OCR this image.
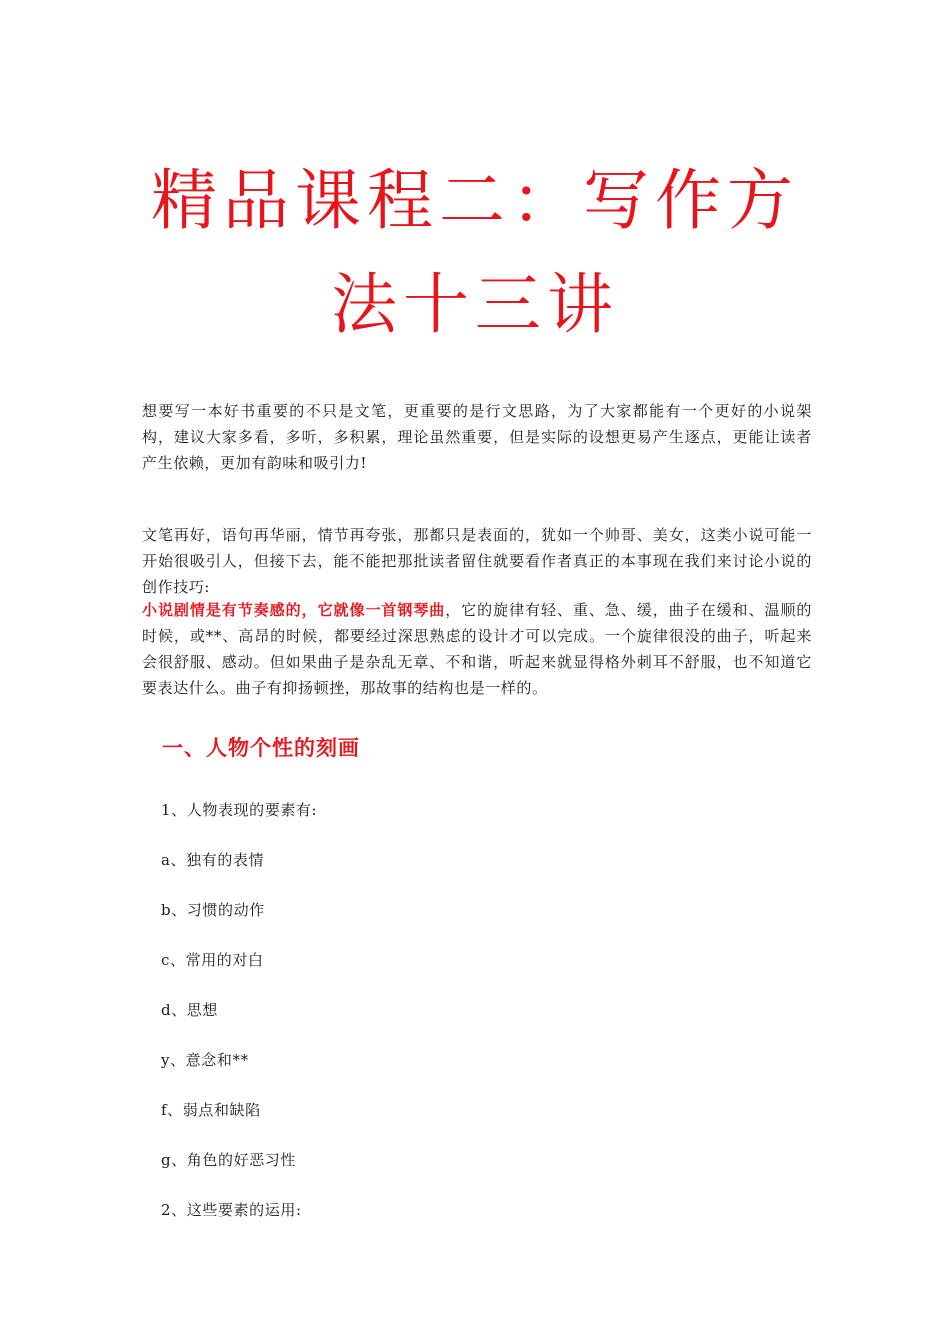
精品课程二：写作方
法十三讲

想要写一本好书重要的不只是文笔，更重要的是行文思路，为了大家都能有一个更好的小说架构，建议大家多看，多听，多积累，理论虽然重要，但是实际的设想更易产生逐点，更能让读者产生依赖，更加有韵味和吸引力!

文笔再好，语句再华丽，情节再夸张，那都只是表面的，犹如一个帅哥、美女，这类小说可能一开始很吸引人，但接下去，能不能把那批读者留住就要看作者真正的本事现在我们来讨论小说的创作技巧:

小说剧情是有节奏感的，它就像一首钢琴曲，它的旋律有轻、重、急、缓，曲子在缓和、温顺的时候，或**、高昂的时候，都要经过深思熟虑的设计才可以完成。一个旋律很没的曲子，听起来会很舒服、感动。但如果曲子是杂乱无章、不和谐，听起来就显得格外刺耳不舒服，也不知道它要表达什么。曲子有抑扬顿挫，那故事的结构也是一样的。

一、人物个性的刻画

1、人物表现的要素有:

a、独有的表情

b、习惯的动作

c、常用的对白

d、思想

y、意念和**

f、弱点和缺陷

g、角色的好恶习性

2、这些要素的运用:
